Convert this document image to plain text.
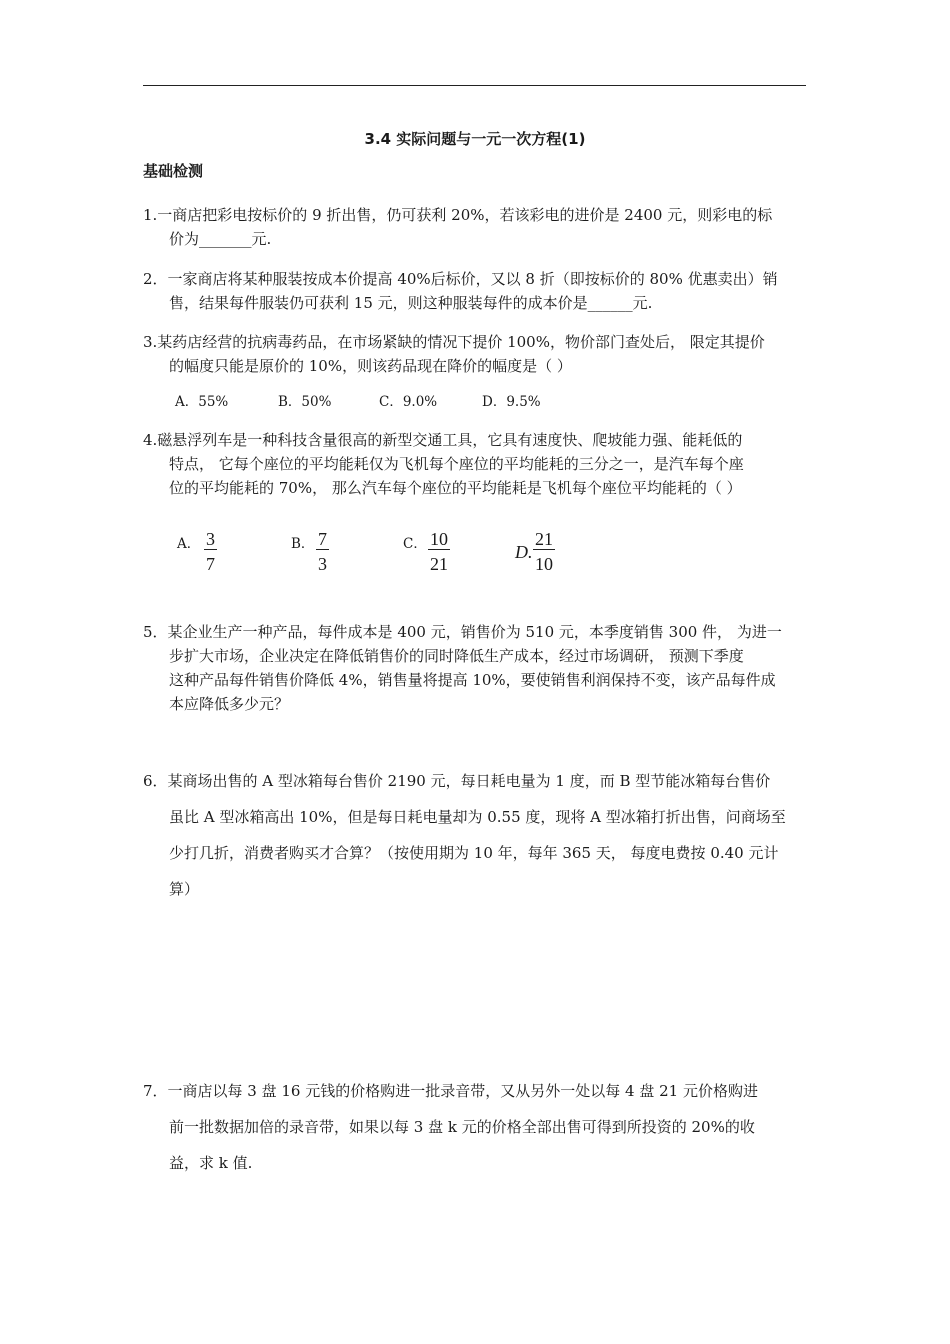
3.4 实际问题与一元一次方程(1)
基础检测
1.一商店把彩电按标价的 9 折出售，仍可获利 20%，若该彩电的进价是 2400 元，则彩电的标
价为_______元.
2．一家商店将某种服装按成本价提高 40%后标价，又以 8 折（即按标价的 80% 优惠卖出）销
售，结果每件服装仍可获利 15 元，则这种服装每件的成本价是______元.
3.某药店经营的抗病毒药品，在市场紧缺的情况下提价 100%，物价部门查处后， 限定其提价
的幅度只能是原价的 10%，则该药品现在降价的幅度是（ ）
A．55%	B．50%	C．9.0%	D．9.5%
4.磁悬浮列车是一种科技含量很高的新型交通工具，它具有速度快、爬坡能力强、能耗低的
特点， 它每个座位的平均能耗仅为飞机每个座位的平均能耗的三分之一，是汽车每个座
位的平均能耗的 70%， 那么汽车每个座位的平均能耗是飞机每个座位平均能耗的（ ）
A． $\frac{3}{7}$	B． $\frac{7}{3}$	C． $\frac{10}{21}$	D. $\frac{21}{10}$
5．某企业生产一种产品，每件成本是 400 元，销售价为 510 元，本季度销售 300 件， 为进一
步扩大市场，企业决定在降低销售价的同时降低生产成本，经过市场调研， 预测下季度
这种产品每件销售价降低 4%，销售量将提高 10%，要使销售利润保持不变，该产品每件成
本应降低多少元？
6．某商场出售的 A 型冰箱每台售价 2190 元，每日耗电量为 1 度，而 B 型节能冰箱每台售价
虽比 A 型冰箱高出 10%，但是每日耗电量却为 0.55 度，现将 A 型冰箱打折出售，问商场至
少打几折，消费者购买才合算？（按使用期为 10 年，每年 365 天， 每度电费按 0.40 元计
算）
7．一商店以每 3 盘 16 元钱的价格购进一批录音带，又从另外一处以每 4 盘 21 元价格购进
前一批数据加倍的录音带，如果以每 3 盘 k 元的价格全部出售可得到所投资的 20%的收
益，求 k 值.
